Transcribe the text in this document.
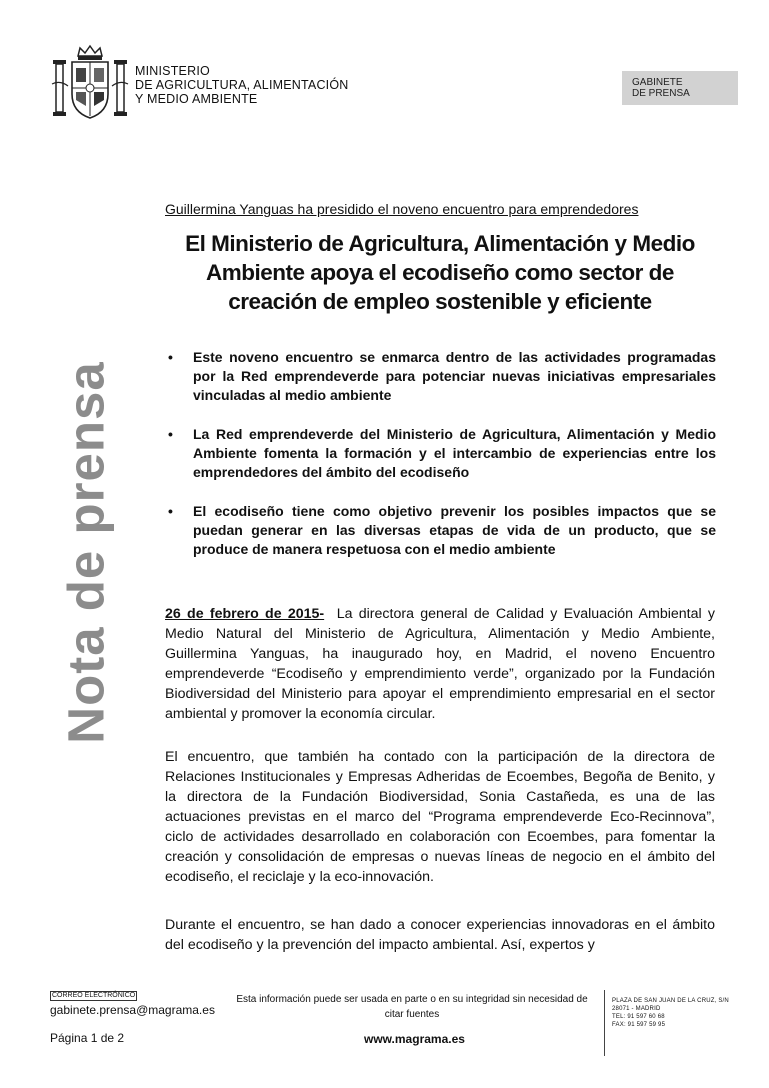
MINISTERIO
DE AGRICULTURA, ALIMENTACIÓN
Y MEDIO AMBIENTE
GABINETE
DE PRENSA
Nota de prensa
Guillermina Yanguas ha presidido el noveno encuentro para emprendedores
El Ministerio de Agricultura, Alimentación y Medio Ambiente apoya el ecodiseño como sector de creación de empleo sostenible y eficiente
• Este noveno encuentro se enmarca dentro de las actividades programadas por la Red emprendeverde para potenciar nuevas iniciativas empresariales vinculadas al medio ambiente
• La Red emprendeverde del Ministerio de Agricultura, Alimentación y Medio Ambiente fomenta la formación y el intercambio de experiencias entre los emprendedores del ámbito del ecodiseño
• El ecodiseño tiene como objetivo prevenir los posibles impactos que se puedan generar en las diversas etapas de vida de un producto, que se produce de manera respetuosa con el medio ambiente
26 de febrero de 2015- La directora general de Calidad y Evaluación Ambiental y Medio Natural del Ministerio de Agricultura, Alimentación y Medio Ambiente, Guillermina Yanguas, ha inaugurado hoy, en Madrid, el noveno Encuentro emprendeverde “Ecodiseño y emprendimiento verde”, organizado por la Fundación Biodiversidad del Ministerio para apoyar el emprendimiento empresarial en el sector ambiental y promover la economía circular.
El encuentro, que también ha contado con la participación de la directora de Relaciones Institucionales y Empresas Adheridas de Ecoembes, Begoña de Benito, y la directora de la Fundación Biodiversidad, Sonia Castañeda, es una de las actuaciones previstas en el marco del “Programa emprendeverde Eco-Recinnova”, ciclo de actividades desarrollado en colaboración con Ecoembes, para fomentar la creación y consolidación de empresas o nuevas líneas de negocio en el ámbito del ecodiseño, el reciclaje y la eco-innovación.
Durante el encuentro, se han dado a conocer experiencias innovadoras en el ámbito del ecodiseño y la prevención del impacto ambiental. Así, expertos y
CORREO ELECTRÓNICO
gabinete.prensa@magrama.es
Esta información puede ser usada en parte o en su integridad sin necesidad de citar fuentes
PLAZA DE SAN JUAN DE LA CRUZ, S/N
28071 - MADRID
TEL: 91 597 60 68
FAX: 91 597 59 95
Página 1 de 2	www.magrama.es
